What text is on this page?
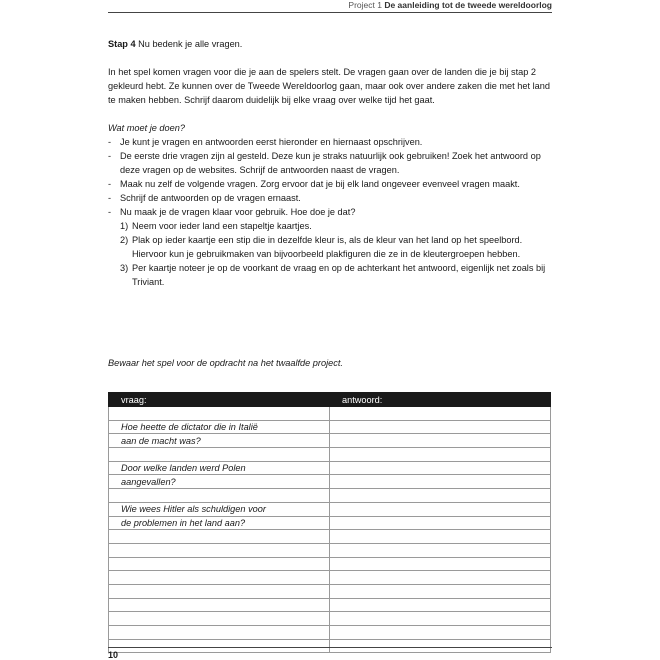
Project 1 De aanleiding tot de tweede wereldoorlog

Stap 4 Nu bedenk je alle vragen.

In het spel komen vragen voor die je aan de spelers stelt. De vragen gaan over de landen die je bij stap 2 gekleurd hebt. Ze kunnen over de Tweede Wereldoorlog gaan, maar ook over andere zaken die met het land te maken hebben. Schrijf daarom duidelijk bij elke vraag over welke tijd het gaat.

Wat moet je doen?

- Je kunt je vragen en antwoorden eerst hieronder en hiernaast opschrijven.
- De eerste drie vragen zijn al gesteld. Deze kun je straks natuurlijk ook gebruiken! Zoek het antwoord op deze vragen op de websites. Schrijf de antwoorden naast de vragen.
- Maak nu zelf de volgende vragen. Zorg ervoor dat je bij elk land ongeveer evenveel vragen maakt.
- Schrijf de antwoorden op de vragen ernaast.
- Nu maak je de vragen klaar voor gebruik. Hoe doe je dat?
1) Neem voor ieder land een stapeltje kaartjes.
2) Plak op ieder kaartje een stip die in dezelfde kleur is, als de kleur van het land op het speelbord. Hiervoor kun je gebruikmaken van bijvoorbeeld plakfiguren die ze in de kleutergroepen hebben.
3) Per kaartje noteer je op de voorkant de vraag en op de achterkant het antwoord, eigenlijk net zoals bij Triviant.

Bewaar het spel voor de opdracht na het twaalfde project.

vraag:	antwoord:

Hoe heette de dictator die in Italië	
aan de macht was?	

Door welke landen werd Polen	
aangevallen?	

Wie wees Hitler als schuldigen voor	
de problemen in het land aan?	

10
